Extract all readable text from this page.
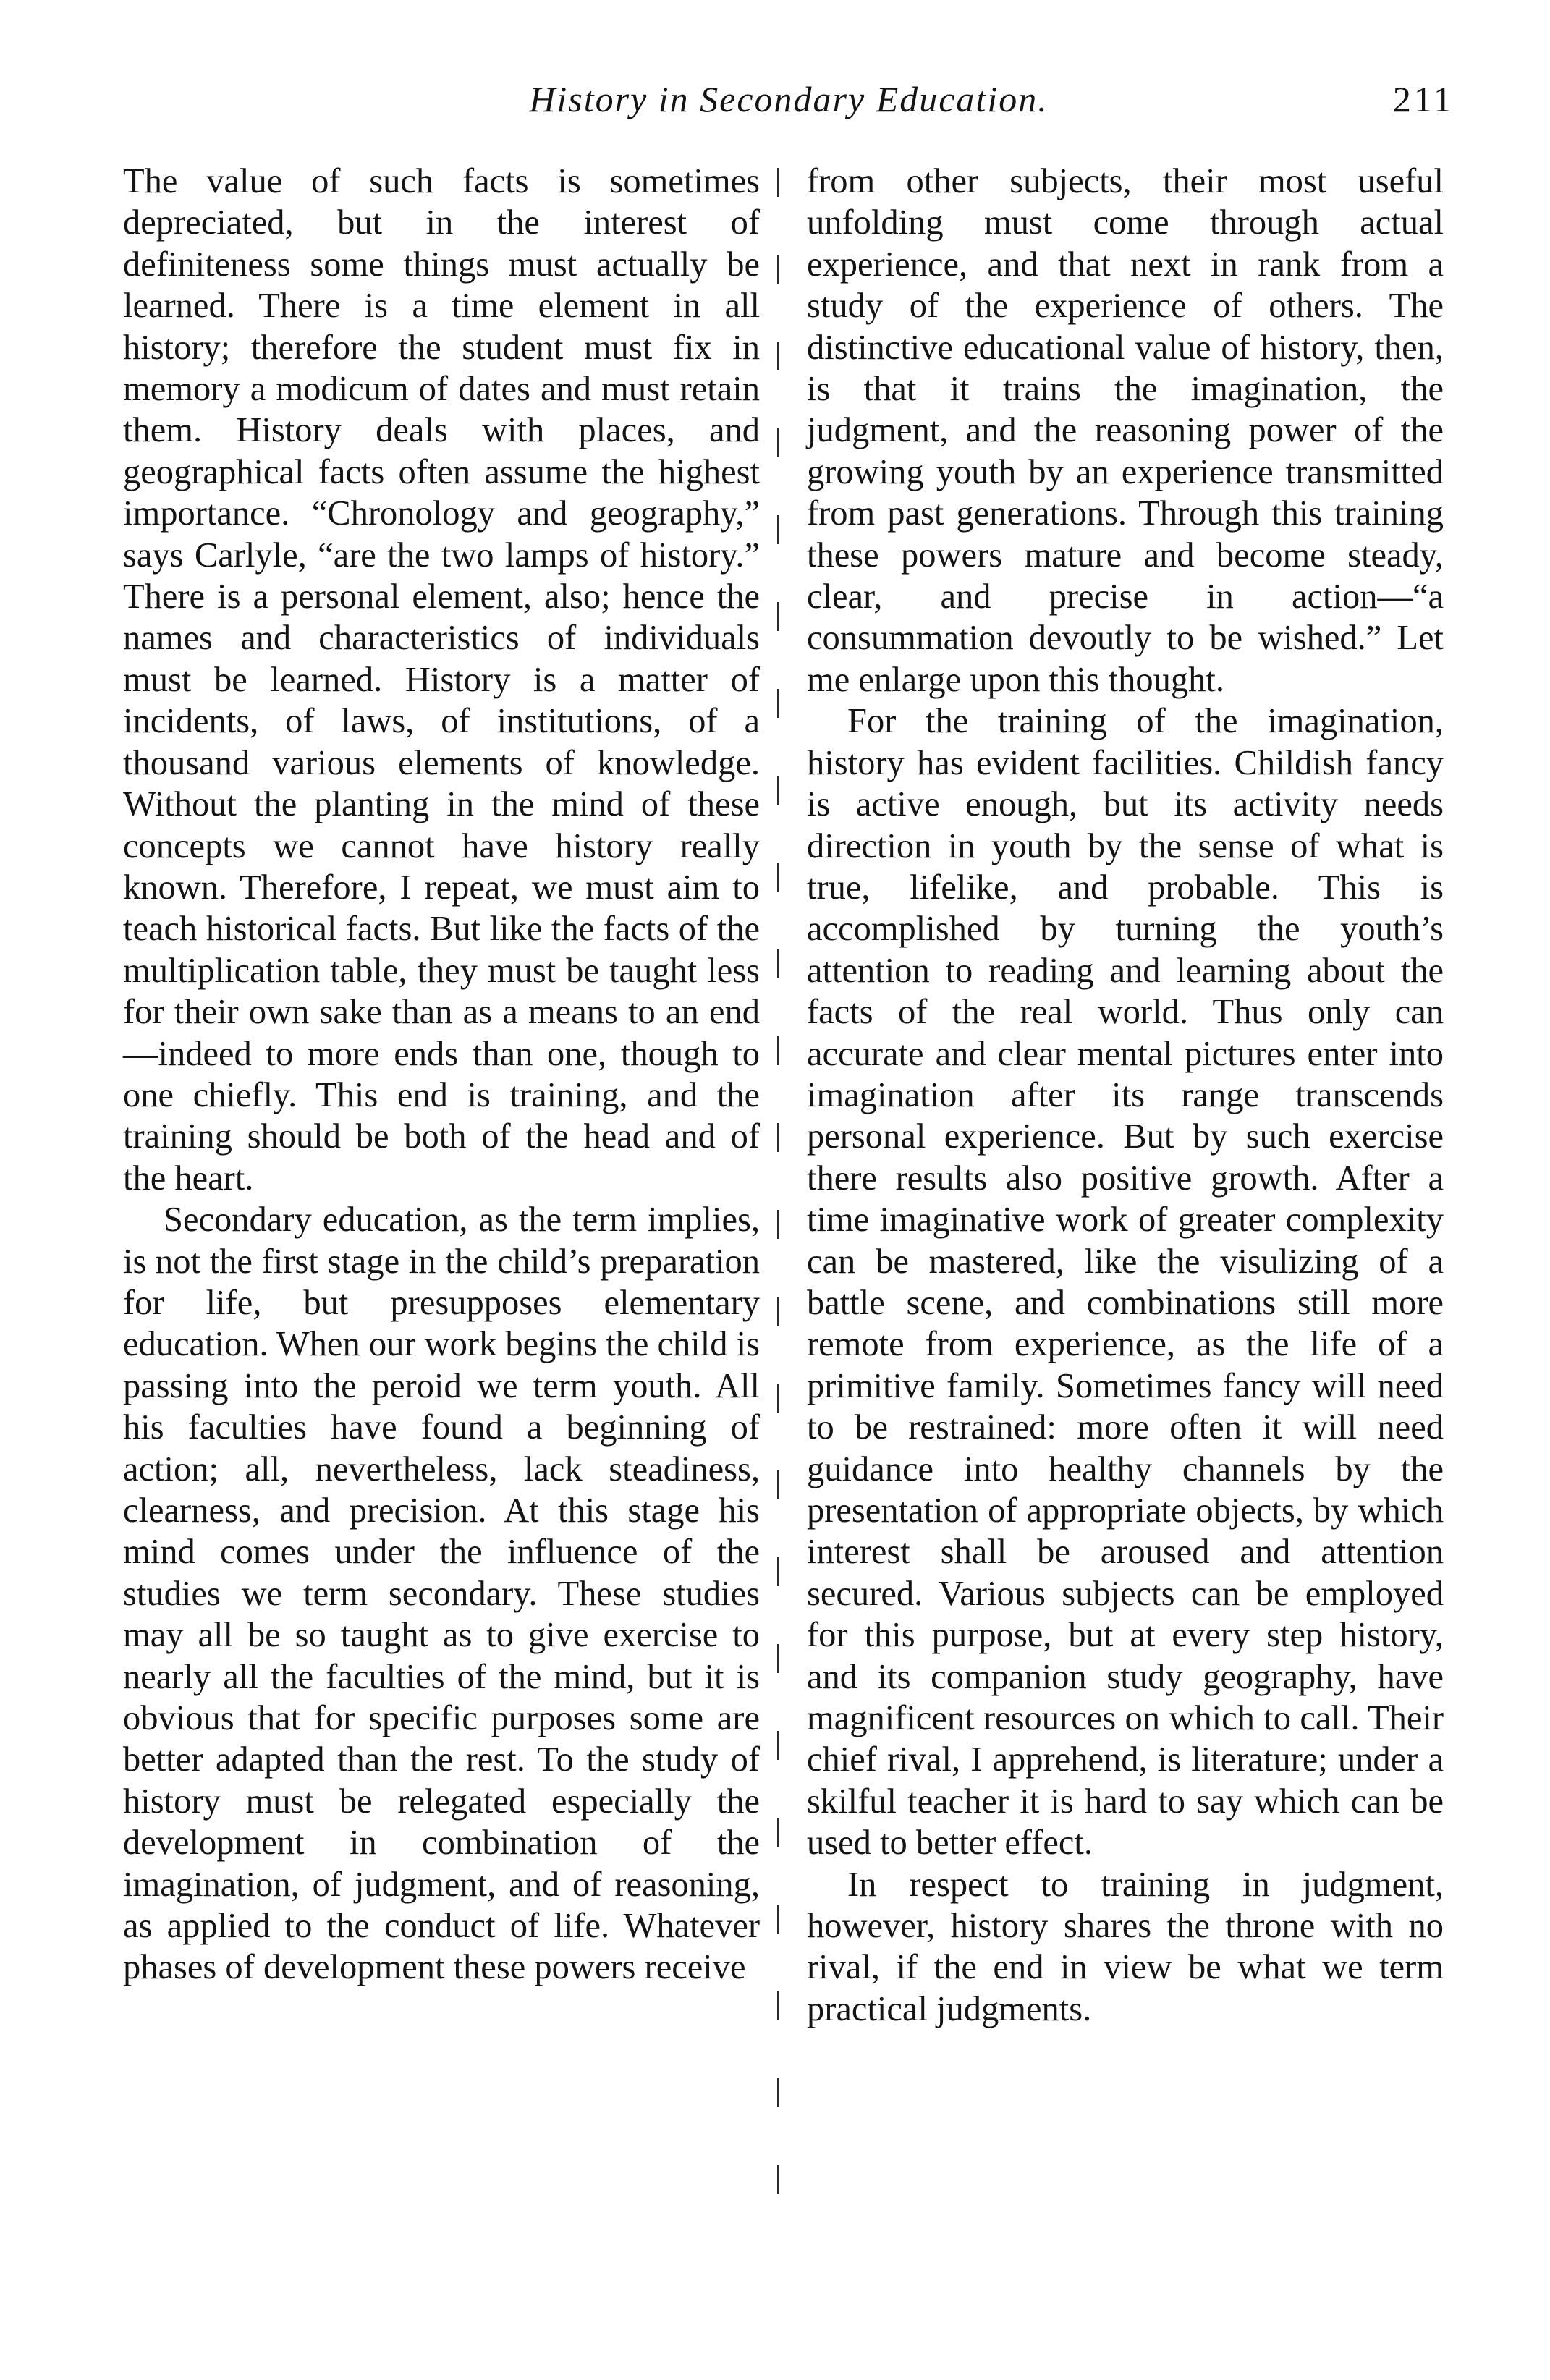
History in Secondary Education.	211

The value of such facts is sometimes depreciated, but in the interest of definiteness some things must actually be learned. There is a time element in all history; therefore the student must fix in memory a modicum of dates and must retain them. History deals with places, and geographical facts often assume the highest importance. “Chronology and geography,” says Carlyle, “are the two lamps of history.” There is a personal element, also; hence the names and characteristics of individuals must be learned. History is a matter of incidents, of laws, of institutions, of a thousand various elements of knowledge. Without the planting in the mind of these concepts we cannot have history really known. Therefore, I repeat, we must aim to teach historical facts. But like the facts of the multiplication table, they must be taught less for their own sake than as a means to an end—indeed to more ends than one, though to one chiefly. This end is training, and the training should be both of the head and of the heart.

Secondary education, as the term implies, is not the first stage in the child’s preparation for life, but presupposes elementary education. When our work begins the child is passing into the peroid we term youth. All his faculties have found a beginning of action; all, nevertheless, lack steadiness, clearness, and precision. At this stage his mind comes under the influence of the studies we term secondary. These studies may all be so taught as to give exercise to nearly all the faculties of the mind, but it is obvious that for specific purposes some are better adapted than the rest. To the study of history must be relegated especially the development in combination of the imagination, of judgment, and of reasoning, as applied to the conduct of life. Whatever phases of development these powers receive

from other subjects, their most useful unfolding must come through actual experience, and that next in rank from a study of the experience of others. The distinctive educational value of history, then, is that it trains the imagination, the judgment, and the reasoning power of the growing youth by an experience transmitted from past generations. Through this training these powers mature and become steady, clear, and precise in action—“a consummation devoutly to be wished.” Let me enlarge upon this thought.

For the training of the imagination, history has evident facilities. Childish fancy is active enough, but its activity needs direction in youth by the sense of what is true, lifelike, and probable. This is accomplished by turning the youth’s attention to reading and learning about the facts of the real world. Thus only can accurate and clear mental pictures enter into imagination after its range transcends personal experience. But by such exercise there results also positive growth. After a time imaginative work of greater complexity can be mastered, like the visulizing of a battle scene, and combinations still more remote from experience, as the life of a primitive family. Sometimes fancy will need to be restrained: more often it will need guidance into healthy channels by the presentation of appropriate objects, by which interest shall be aroused and attention secured. Various subjects can be employed for this purpose, but at every step history, and its companion study geography, have magnificent resources on which to call. Their chief rival, I apprehend, is literature; under a skilful teacher it is hard to say which can be used to better effect.

In respect to training in judgment, however, history shares the throne with no rival, if the end in view be what we term practical judgments.
